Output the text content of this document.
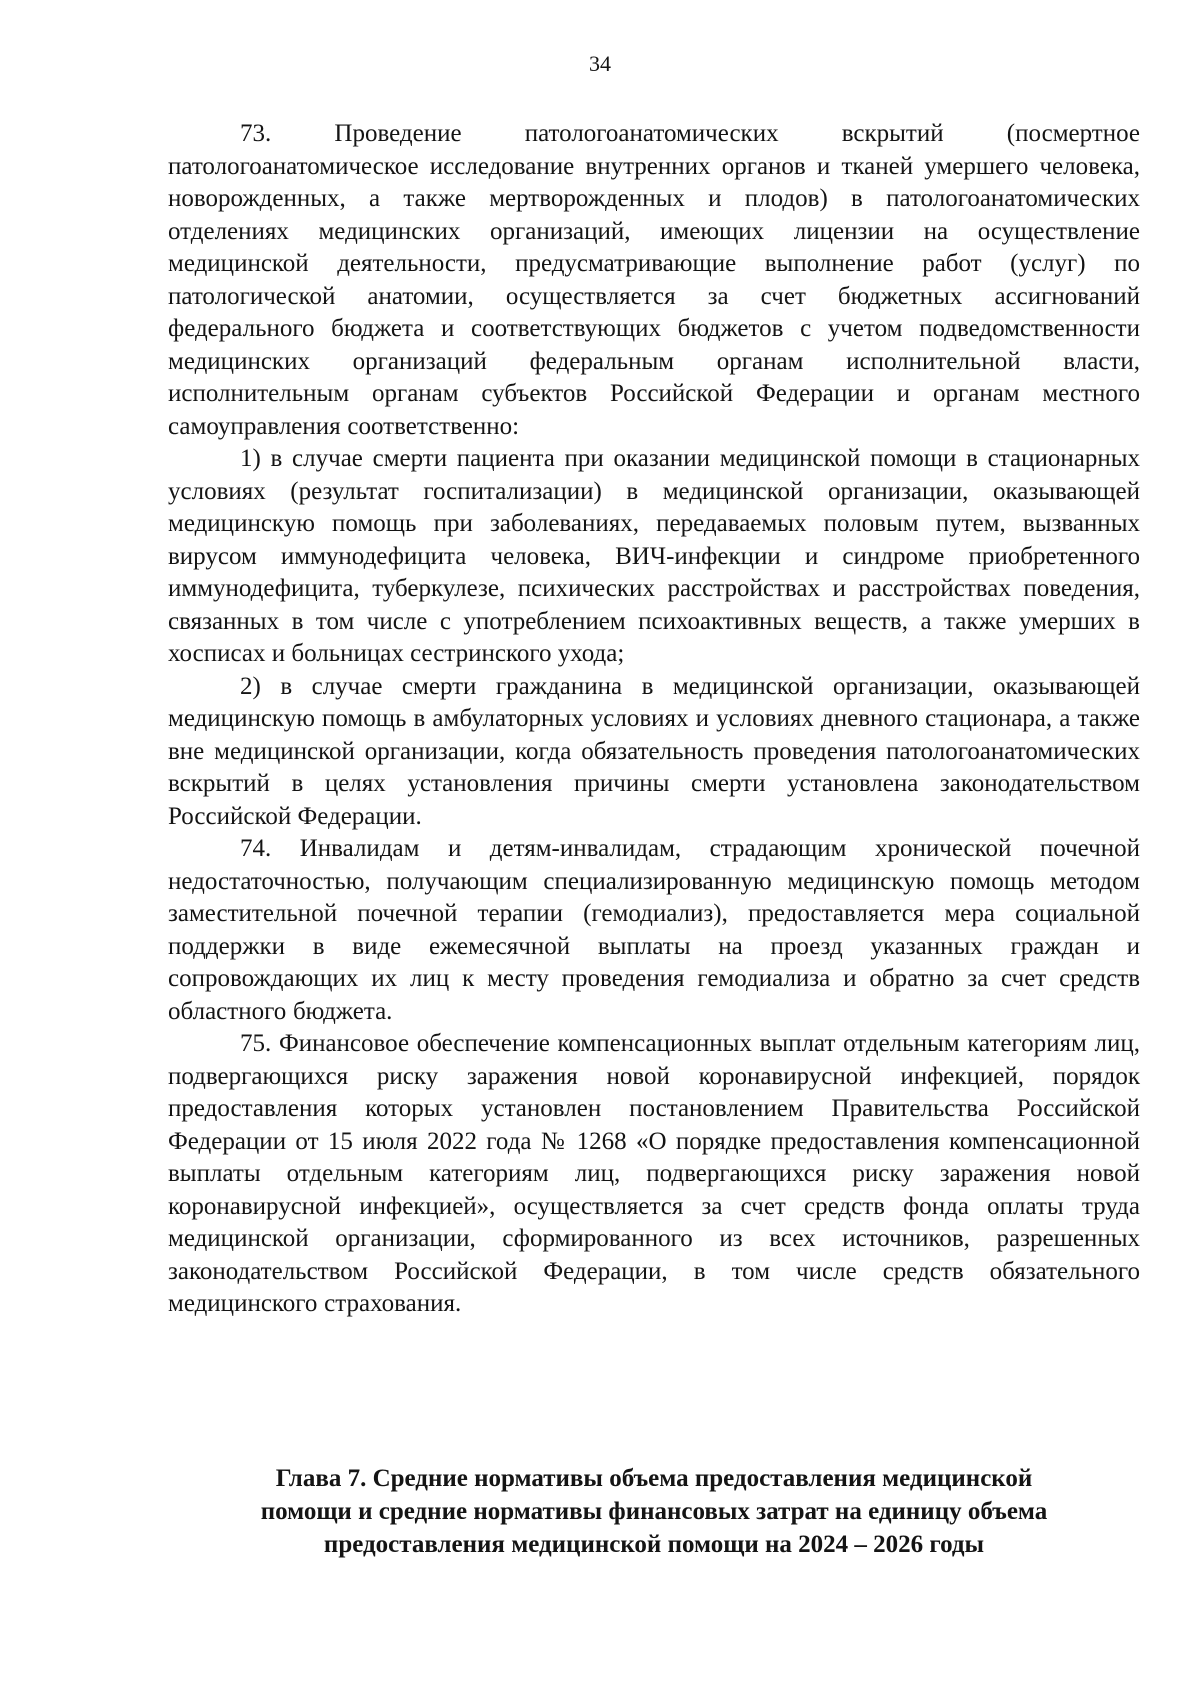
34

73. Проведение патологоанатомических вскрытий (посмертное патологоанатомическое исследование внутренних органов и тканей умершего человека, новорожденных, а также мертворожденных и плодов) в патологоанатомических отделениях медицинских организаций, имеющих лицензии на осуществление медицинской деятельности, предусматривающие выполнение работ (услуг) по патологической анатомии, осуществляется за счет бюджетных ассигнований федерального бюджета и соответствующих бюджетов с учетом подведомственности медицинских организаций федеральным органам исполнительной власти, исполнительным органам субъектов Российской Федерации и органам местного самоуправления соответственно:

1) в случае смерти пациента при оказании медицинской помощи в стационарных условиях (результат госпитализации) в медицинской организации, оказывающей медицинскую помощь при заболеваниях, передаваемых половым путем, вызванных вирусом иммунодефицита человека, ВИЧ-инфекции и синдроме приобретенного иммунодефицита, туберкулезе, психических расстройствах и расстройствах поведения, связанных в том числе с употреблением психоактивных веществ, а также умерших в хосписах и больницах сестринского ухода;

2) в случае смерти гражданина в медицинской организации, оказывающей медицинскую помощь в амбулаторных условиях и условиях дневного стационара, а также вне медицинской организации, когда обязательность проведения патологоанатомических вскрытий в целях установления причины смерти установлена законодательством Российской Федерации.

74. Инвалидам и детям-инвалидам, страдающим хронической почечной недостаточностью, получающим специализированную медицинскую помощь методом заместительной почечной терапии (гемодиализ), предоставляется мера социальной поддержки в виде ежемесячной выплаты на проезд указанных граждан и сопровождающих их лиц к месту проведения гемодиализа и обратно за счет средств областного бюджета.

75. Финансовое обеспечение компенсационных выплат отдельным категориям лиц, подвергающихся риску заражения новой коронавирусной инфекцией, порядок предоставления которых установлен постановлением Правительства Российской Федерации от 15 июля 2022 года № 1268 «О порядке предоставления компенсационной выплаты отдельным категориям лиц, подвергающихся риску заражения новой коронавирусной инфекцией», осуществляется за счет средств фонда оплаты труда медицинской организации, сформированного из всех источников, разрешенных законодательством Российской Федерации, в том числе средств обязательного медицинского страхования.

Глава 7. Средние нормативы объема предоставления медицинской
помощи и средние нормативы финансовых затрат на единицу объема
предоставления медицинской помощи на 2024 – 2026 годы
